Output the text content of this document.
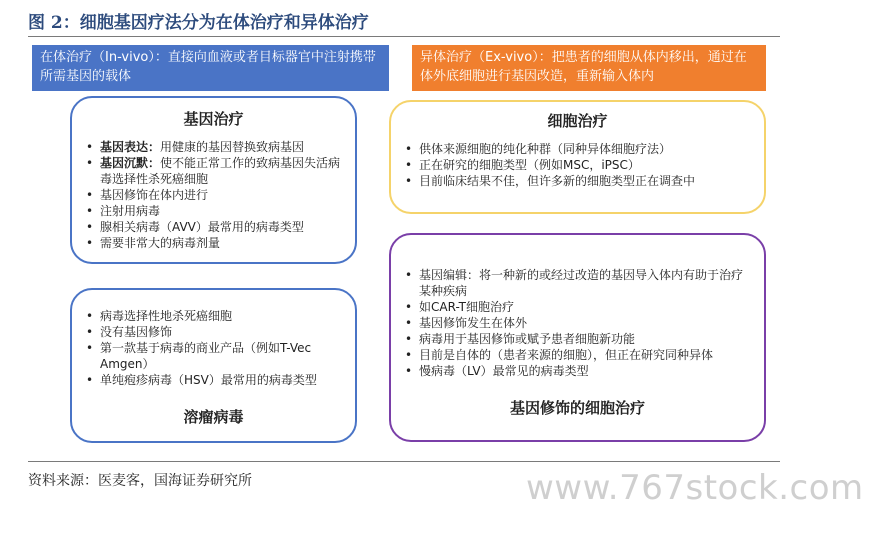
图 2：细胞基因疗法分为在体治疗和异体治疗
在体治疗（In-vivo）：直接向血液或者目标器官中注射携带所需基因的载体
异体治疗（Ex-vivo）：把患者的细胞从体内移出，通过在体外底细胞进行基因改造，重新输入体内
基因治疗
• 基因表达：用健康的基因替换致病基因
• 基因沉默：使不能正常工作的致病基因失活病毒选择性杀死癌细胞
• 基因修饰在体内进行
• 注射用病毒
• 腺相关病毒（AVV）最常用的病毒类型
• 需要非常大的病毒剂量
• 病毒选择性地杀死癌细胞
• 没有基因修饰
• 第一款基于病毒的商业产品（例如T-Vec Amgen）
• 单纯疱疹病毒（HSV）最常用的病毒类型
溶瘤病毒
细胞治疗
• 供体来源细胞的纯化种群（同种异体细胞疗法）
• 正在研究的细胞类型（例如MSC，iPSC）
• 目前临床结果不佳，但许多新的细胞类型正在调查中
• 基因编辑：将一种新的或经过改造的基因导入体内有助于治疗某种疾病
• 如CAR-T细胞治疗
• 基因修饰发生在体外
• 病毒用于基因修饰或赋予患者细胞新功能
• 目前是自体的（患者来源的细胞），但正在研究同种异体
• 慢病毒（LV）最常见的病毒类型
基因修饰的细胞治疗
资料来源：医麦客，国海证券研究所	www.767stock.com
